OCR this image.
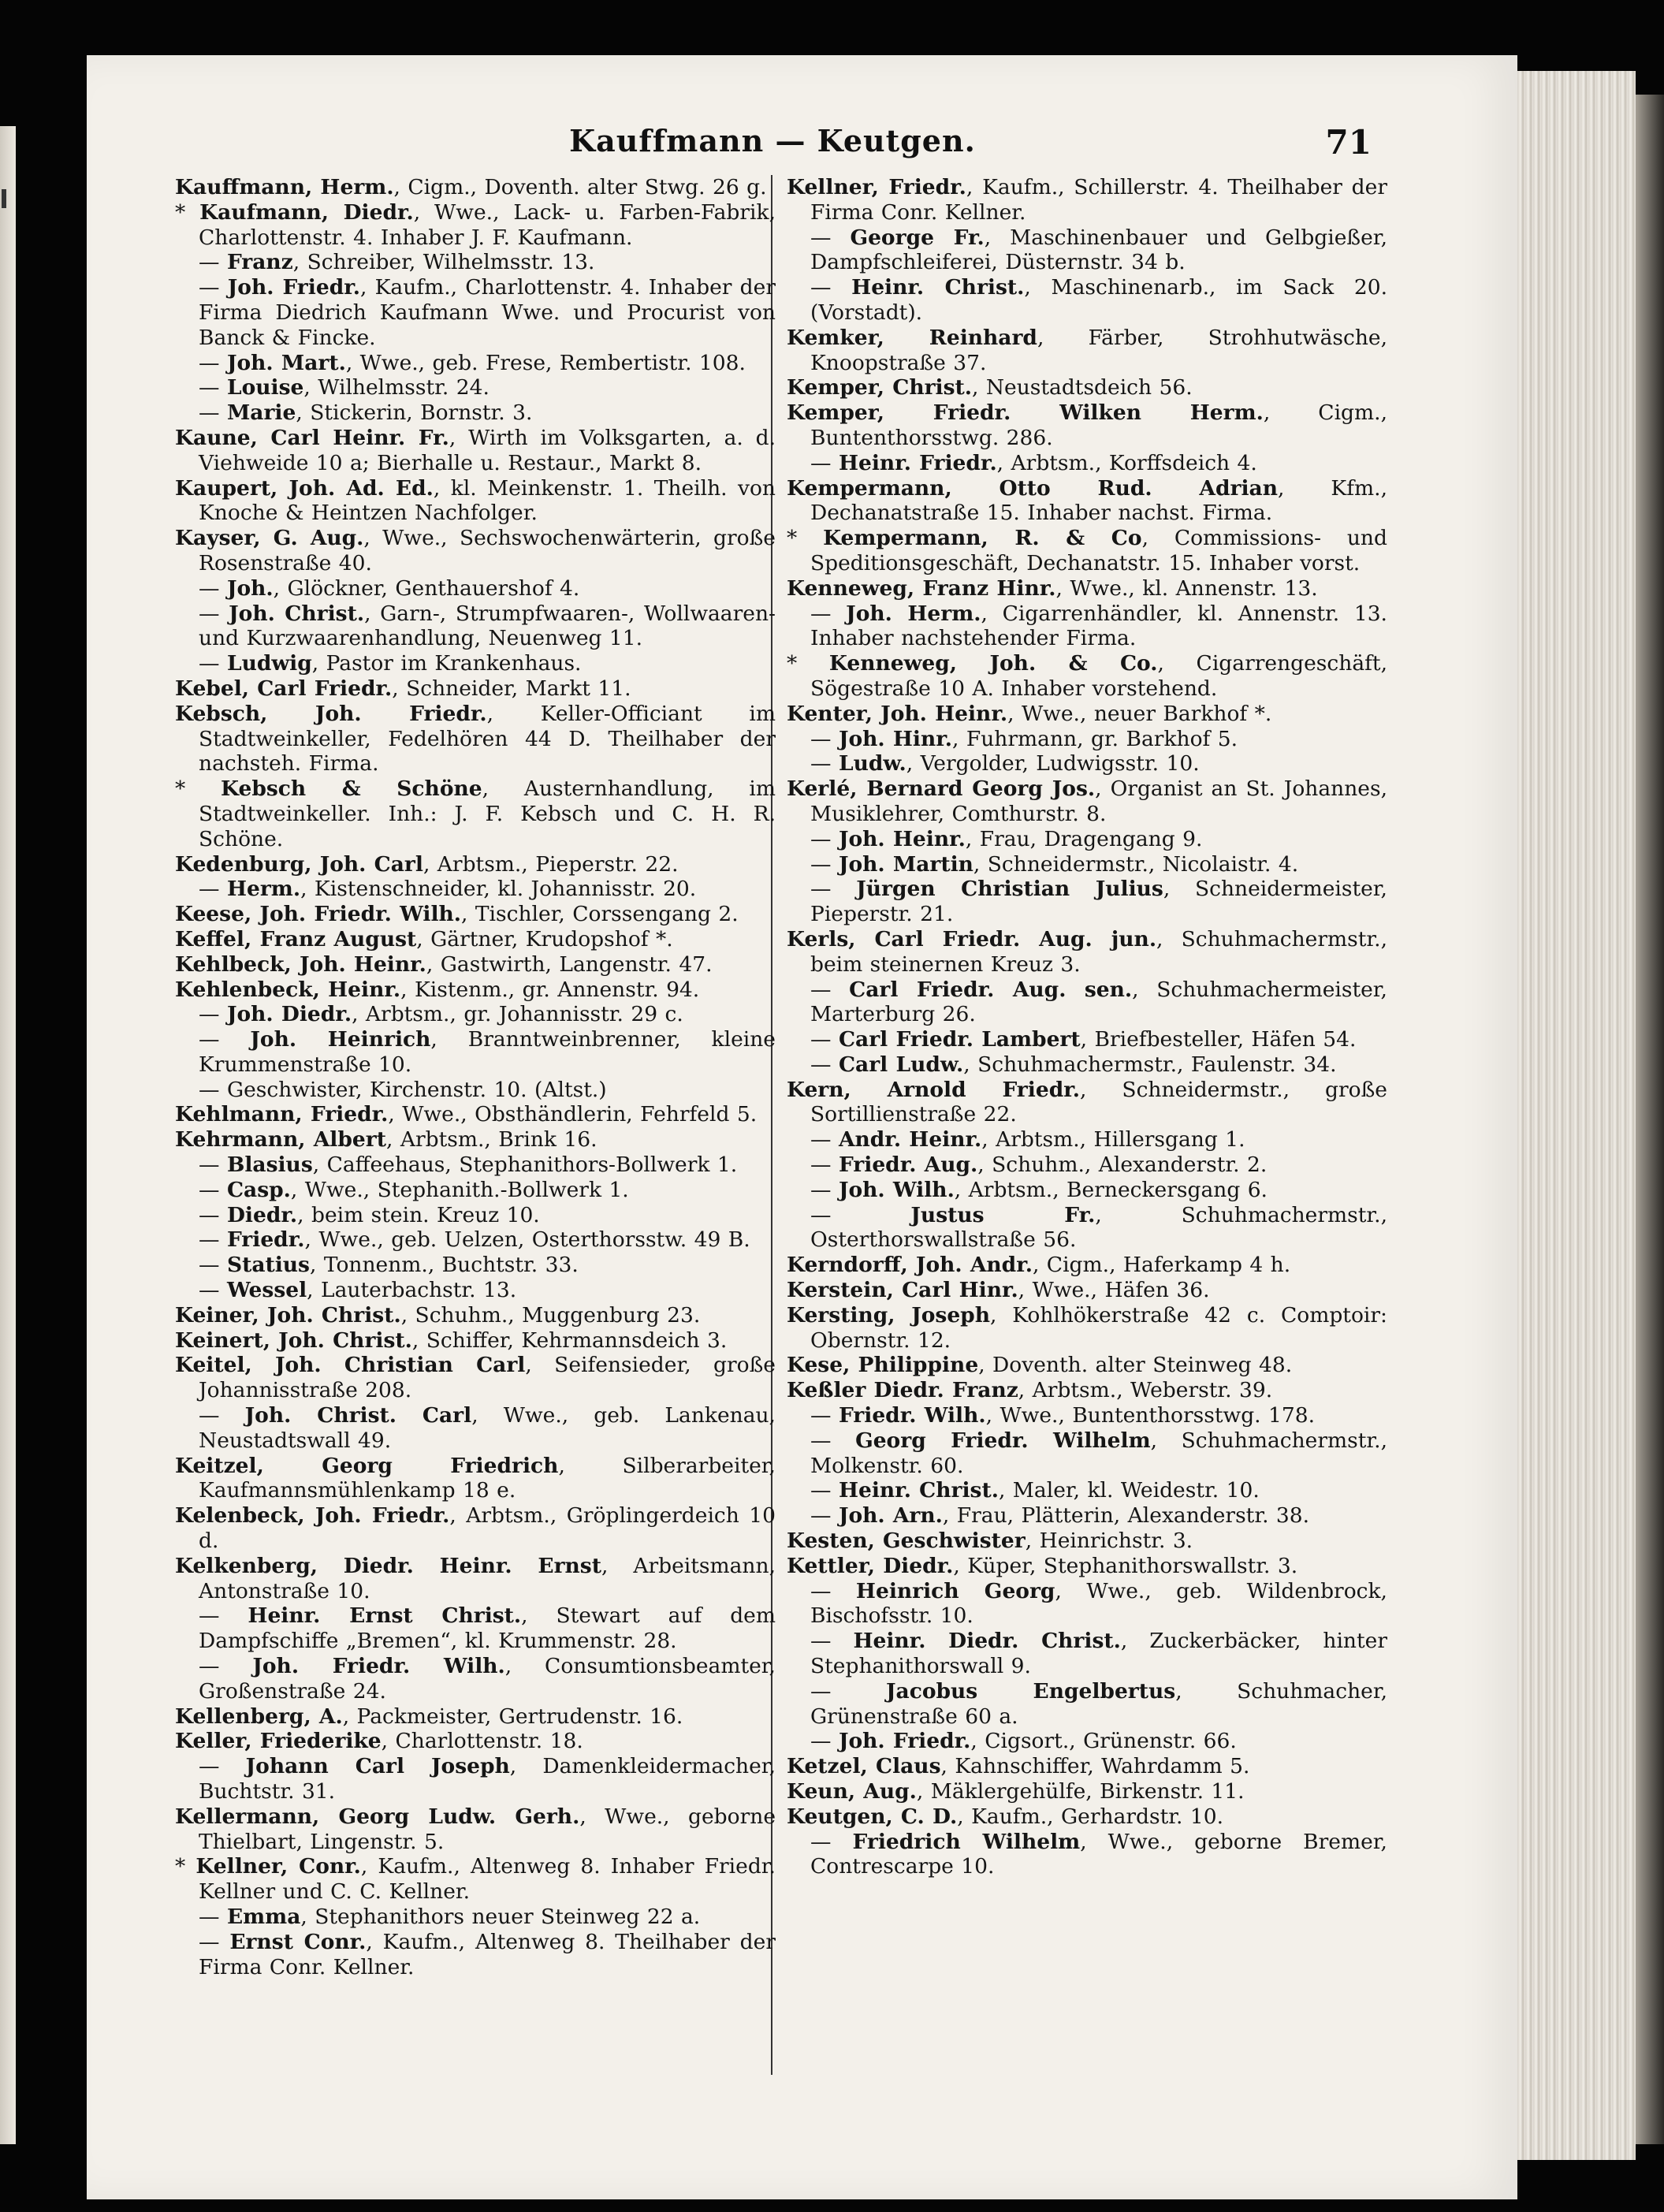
Kauffmann — Keutgen.	71

Kauffmann, Herm., Cigm., Doventh. alter Stwg. 26 g.

* Kaufmann, Diedr., Wwe., Lack- u. Farben-Fabrik, Charlottenstr. 4. Inhaber J. F. Kaufmann.

— Franz, Schreiber, Wilhelmsstr. 13.

— Joh. Friedr., Kaufm., Charlottenstr. 4. Inhaber der Firma Diedrich Kaufmann Wwe. und Procurist von Banck & Fincke.

— Joh. Mart., Wwe., geb. Frese, Rembertistr. 108.

— Louise, Wilhelmsstr. 24.

— Marie, Stickerin, Bornstr. 3.

Kaune, Carl Heinr. Fr., Wirth im Volksgarten, a. d. Viehweide 10 a; Bierhalle u. Restaur., Markt 8.

Kaupert, Joh. Ad. Ed., kl. Meinkenstr. 1. Theilh. von Knoche & Heintzen Nachfolger.

Kayser, G. Aug., Wwe., Sechswochenwärterin, große Rosenstraße 40.

— Joh., Glöckner, Genthauershof 4.

— Joh. Christ., Garn-, Strumpfwaaren-, Wollwaaren- und Kurzwaarenhandlung, Neuenweg 11.

— Ludwig, Pastor im Krankenhaus.

Kebel, Carl Friedr., Schneider, Markt 11.

Kebsch, Joh. Friedr., Keller-Officiant im Stadtweinkeller, Fedelhören 44 D. Theilhaber der nachsteh. Firma.

* Kebsch & Schöne, Austernhandlung, im Stadtweinkeller. Inh.: J. F. Kebsch und C. H. R. Schöne.

Kedenburg, Joh. Carl, Arbtsm., Pieperstr. 22.

— Herm., Kistenschneider, kl. Johannisstr. 20.

Keese, Joh. Friedr. Wilh., Tischler, Corssengang 2.

Keffel, Franz August, Gärtner, Krudopshof *.

Kehlbeck, Joh. Heinr., Gastwirth, Langenstr. 47.

Kehlenbeck, Heinr., Kistenm., gr. Annenstr. 94.

— Joh. Diedr., Arbtsm., gr. Johannisstr. 29 c.

— Joh. Heinrich, Branntweinbrenner, kleine Krummenstraße 10.

— Geschwister, Kirchenstr. 10. (Altst.)

Kehlmann, Friedr., Wwe., Obsthändlerin, Fehrfeld 5.

Kehrmann, Albert, Arbtsm., Brink 16.

— Blasius, Caffeehaus, Stephanithors-Bollwerk 1.

— Casp., Wwe., Stephanith.-Bollwerk 1.

— Diedr., beim stein. Kreuz 10.

— Friedr., Wwe., geb. Uelzen, Osterthorsstw. 49 B.

— Statius, Tonnenm., Buchtstr. 33.

— Wessel, Lauterbachstr. 13.

Keiner, Joh. Christ., Schuhm., Muggenburg 23.

Keinert, Joh. Christ., Schiffer, Kehrmannsdeich 3.

Keitel, Joh. Christian Carl, Seifensieder, große Johannisstraße 208.

— Joh. Christ. Carl, Wwe., geb. Lankenau, Neustadtswall 49.

Keitzel, Georg Friedrich, Silberarbeiter, Kaufmannsmühlenkamp 18 e.

Kelenbeck, Joh. Friedr., Arbtsm., Gröplingerdeich 10 d.

Kelkenberg, Diedr. Heinr. Ernst, Arbeitsmann, Antonstraße 10.

— Heinr. Ernst Christ., Stewart auf dem Dampfschiffe „Bremen“, kl. Krummenstr. 28.

— Joh. Friedr. Wilh., Consumtionsbeamter, Großenstraße 24.

Kellenberg, A., Packmeister, Gertrudenstr. 16.

Keller, Friederike, Charlottenstr. 18.

— Johann Carl Joseph, Damenkleidermacher, Buchtstr. 31.

Kellermann, Georg Ludw. Gerh., Wwe., geborne Thielbart, Lingenstr. 5.

* Kellner, Conr., Kaufm., Altenweg 8. Inhaber Friedr. Kellner und C. C. Kellner.

— Emma, Stephanithors neuer Steinweg 22 a.

— Ernst Conr., Kaufm., Altenweg 8. Theilhaber der Firma Conr. Kellner.

Kellner, Friedr., Kaufm., Schillerstr. 4. Theilhaber der Firma Conr. Kellner.

— George Fr., Maschinenbauer und Gelbgießer, Dampfschleiferei, Düsternstr. 34 b.

— Heinr. Christ., Maschinenarb., im Sack 20. (Vorstadt).

Kemker, Reinhard, Färber, Strohhutwäsche, Knoopstraße 37.

Kemper, Christ., Neustadtsdeich 56.

Kemper, Friedr. Wilken Herm., Cigm., Buntenthorsstwg. 286.

— Heinr. Friedr., Arbtsm., Korffsdeich 4.

Kempermann, Otto Rud. Adrian, Kfm., Dechanatstraße 15. Inhaber nachst. Firma.

* Kempermann, R. & Co, Commissions- und Speditionsgeschäft, Dechanatstr. 15. Inhaber vorst.

Kenneweg, Franz Hinr., Wwe., kl. Annenstr. 13.

— Joh. Herm., Cigarrenhändler, kl. Annenstr. 13. Inhaber nachstehender Firma.

* Kenneweg, Joh. & Co., Cigarrengeschäft, Sögestraße 10 A. Inhaber vorstehend.

Kenter, Joh. Heinr., Wwe., neuer Barkhof *.

— Joh. Hinr., Fuhrmann, gr. Barkhof 5.

— Ludw., Vergolder, Ludwigsstr. 10.

Kerlé, Bernard Georg Jos., Organist an St. Johannes, Musiklehrer, Comthurstr. 8.

— Joh. Heinr., Frau, Dragengang 9.

— Joh. Martin, Schneidermstr., Nicolaistr. 4.

— Jürgen Christian Julius, Schneidermeister, Pieperstr. 21.

Kerls, Carl Friedr. Aug. jun., Schuhmachermstr., beim steinernen Kreuz 3.

— Carl Friedr. Aug. sen., Schuhmachermeister, Marterburg 26.

— Carl Friedr. Lambert, Briefbesteller, Häfen 54.

— Carl Ludw., Schuhmachermstr., Faulenstr. 34.

Kern, Arnold Friedr., Schneidermstr., große Sortillienstraße 22.

— Andr. Heinr., Arbtsm., Hillersgang 1.

— Friedr. Aug., Schuhm., Alexanderstr. 2.

— Joh. Wilh., Arbtsm., Berneckersgang 6.

— Justus Fr., Schuhmachermstr., Osterthorswallstraße 56.

Kerndorff, Joh. Andr., Cigm., Haferkamp 4 h.

Kerstein, Carl Hinr., Wwe., Häfen 36.

Kersting, Joseph, Kohlhökerstraße 42 c. Comptoir: Obernstr. 12.

Kese, Philippine, Doventh. alter Steinweg 48.

Keßler Diedr. Franz, Arbtsm., Weberstr. 39.

— Friedr. Wilh., Wwe., Buntenthorsstwg. 178.

— Georg Friedr. Wilhelm, Schuhmachermstr., Molkenstr. 60.

— Heinr. Christ., Maler, kl. Weidestr. 10.

— Joh. Arn., Frau, Plätterin, Alexanderstr. 38.

Kesten, Geschwister, Heinrichstr. 3.

Kettler, Diedr., Küper, Stephanithorswallstr. 3.

— Heinrich Georg, Wwe., geb. Wildenbrock, Bischofsstr. 10.

— Heinr. Diedr. Christ., Zuckerbäcker, hinter Stephanithorswall 9.

— Jacobus Engelbertus, Schuhmacher, Grünenstraße 60 a.

— Joh. Friedr., Cigsort., Grünenstr. 66.

Ketzel, Claus, Kahnschiffer, Wahrdamm 5.

Keun, Aug., Mäklergehülfe, Birkenstr. 11.

Keutgen, C. D., Kaufm., Gerhardstr. 10.

— Friedrich Wilhelm, Wwe., geborne Bremer, Contrescarpe 10.
